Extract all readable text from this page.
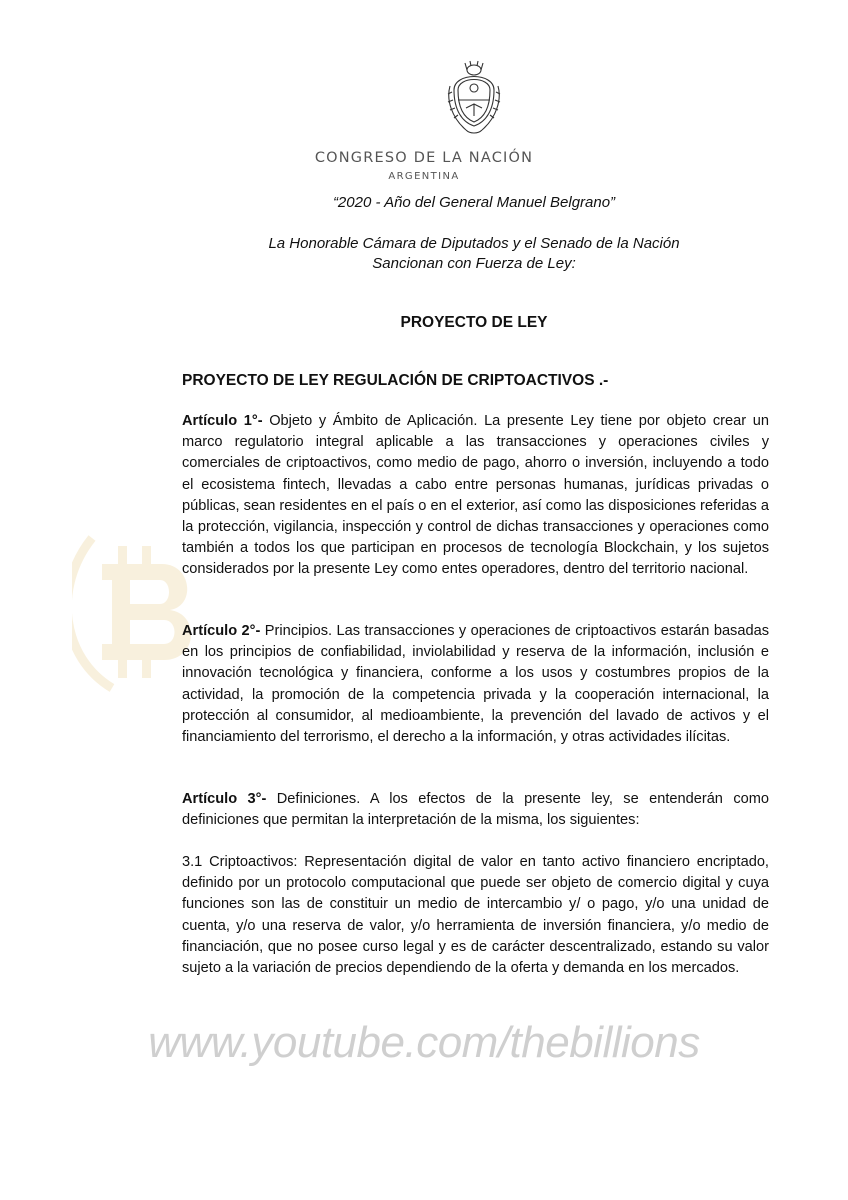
CONGRESO DE LA NACIÓN
ARGENTINA
“2020 - Año del General Manuel Belgrano”
La Honorable Cámara de Diputados y el Senado de la Nación
Sancionan con Fuerza de Ley:
PROYECTO DE LEY
PROYECTO DE LEY REGULACIÓN DE CRIPTOACTIVOS .-

Artículo 1°- Objeto y Ámbito de Aplicación. La presente Ley tiene por objeto crear un marco regulatorio integral aplicable a las transacciones y operaciones civiles y comerciales de criptoactivos, como medio de pago, ahorro o inversión, incluyendo a todo el ecosistema fintech, llevadas a cabo entre personas humanas, jurídicas privadas o públicas, sean residentes en el país o en el exterior, así como las disposiciones referidas a la protección, vigilancia, inspección y control de dichas transacciones y operaciones como también a todos los que participan en procesos de tecnología Blockchain, y los sujetos considerados por la presente Ley como entes operadores, dentro del territorio nacional.

Artículo 2°- Principios. Las transacciones y operaciones de criptoactivos estarán basadas en los principios de confiabilidad, inviolabilidad y reserva de la información, inclusión e innovación tecnológica y financiera, conforme a los usos y costumbres propios de la actividad, la promoción de la competencia privada y la cooperación internacional, la protección al consumidor, al medioambiente, la prevención del lavado de activos y el financiamiento del terrorismo, el derecho a la información, y otras actividades ilícitas.

Artículo 3°- Definiciones. A los efectos de la presente ley, se entenderán como definiciones que permitan la interpretación de la misma, los siguientes:

3.1 Criptoactivos: Representación digital de valor en tanto activo financiero encriptado, definido por un protocolo computacional que puede ser objeto de comercio digital y cuya funciones son las de constituir un medio de intercambio y/ o pago, y/o una unidad de cuenta, y/o una reserva de valor, y/o herramienta de inversión financiera, y/o medio de financiación, que no posee curso legal y es de carácter descentralizado, estando su valor sujeto a la variación de precios dependiendo de la oferta y demanda en los mercados.

www.youtube.com/thebillions
